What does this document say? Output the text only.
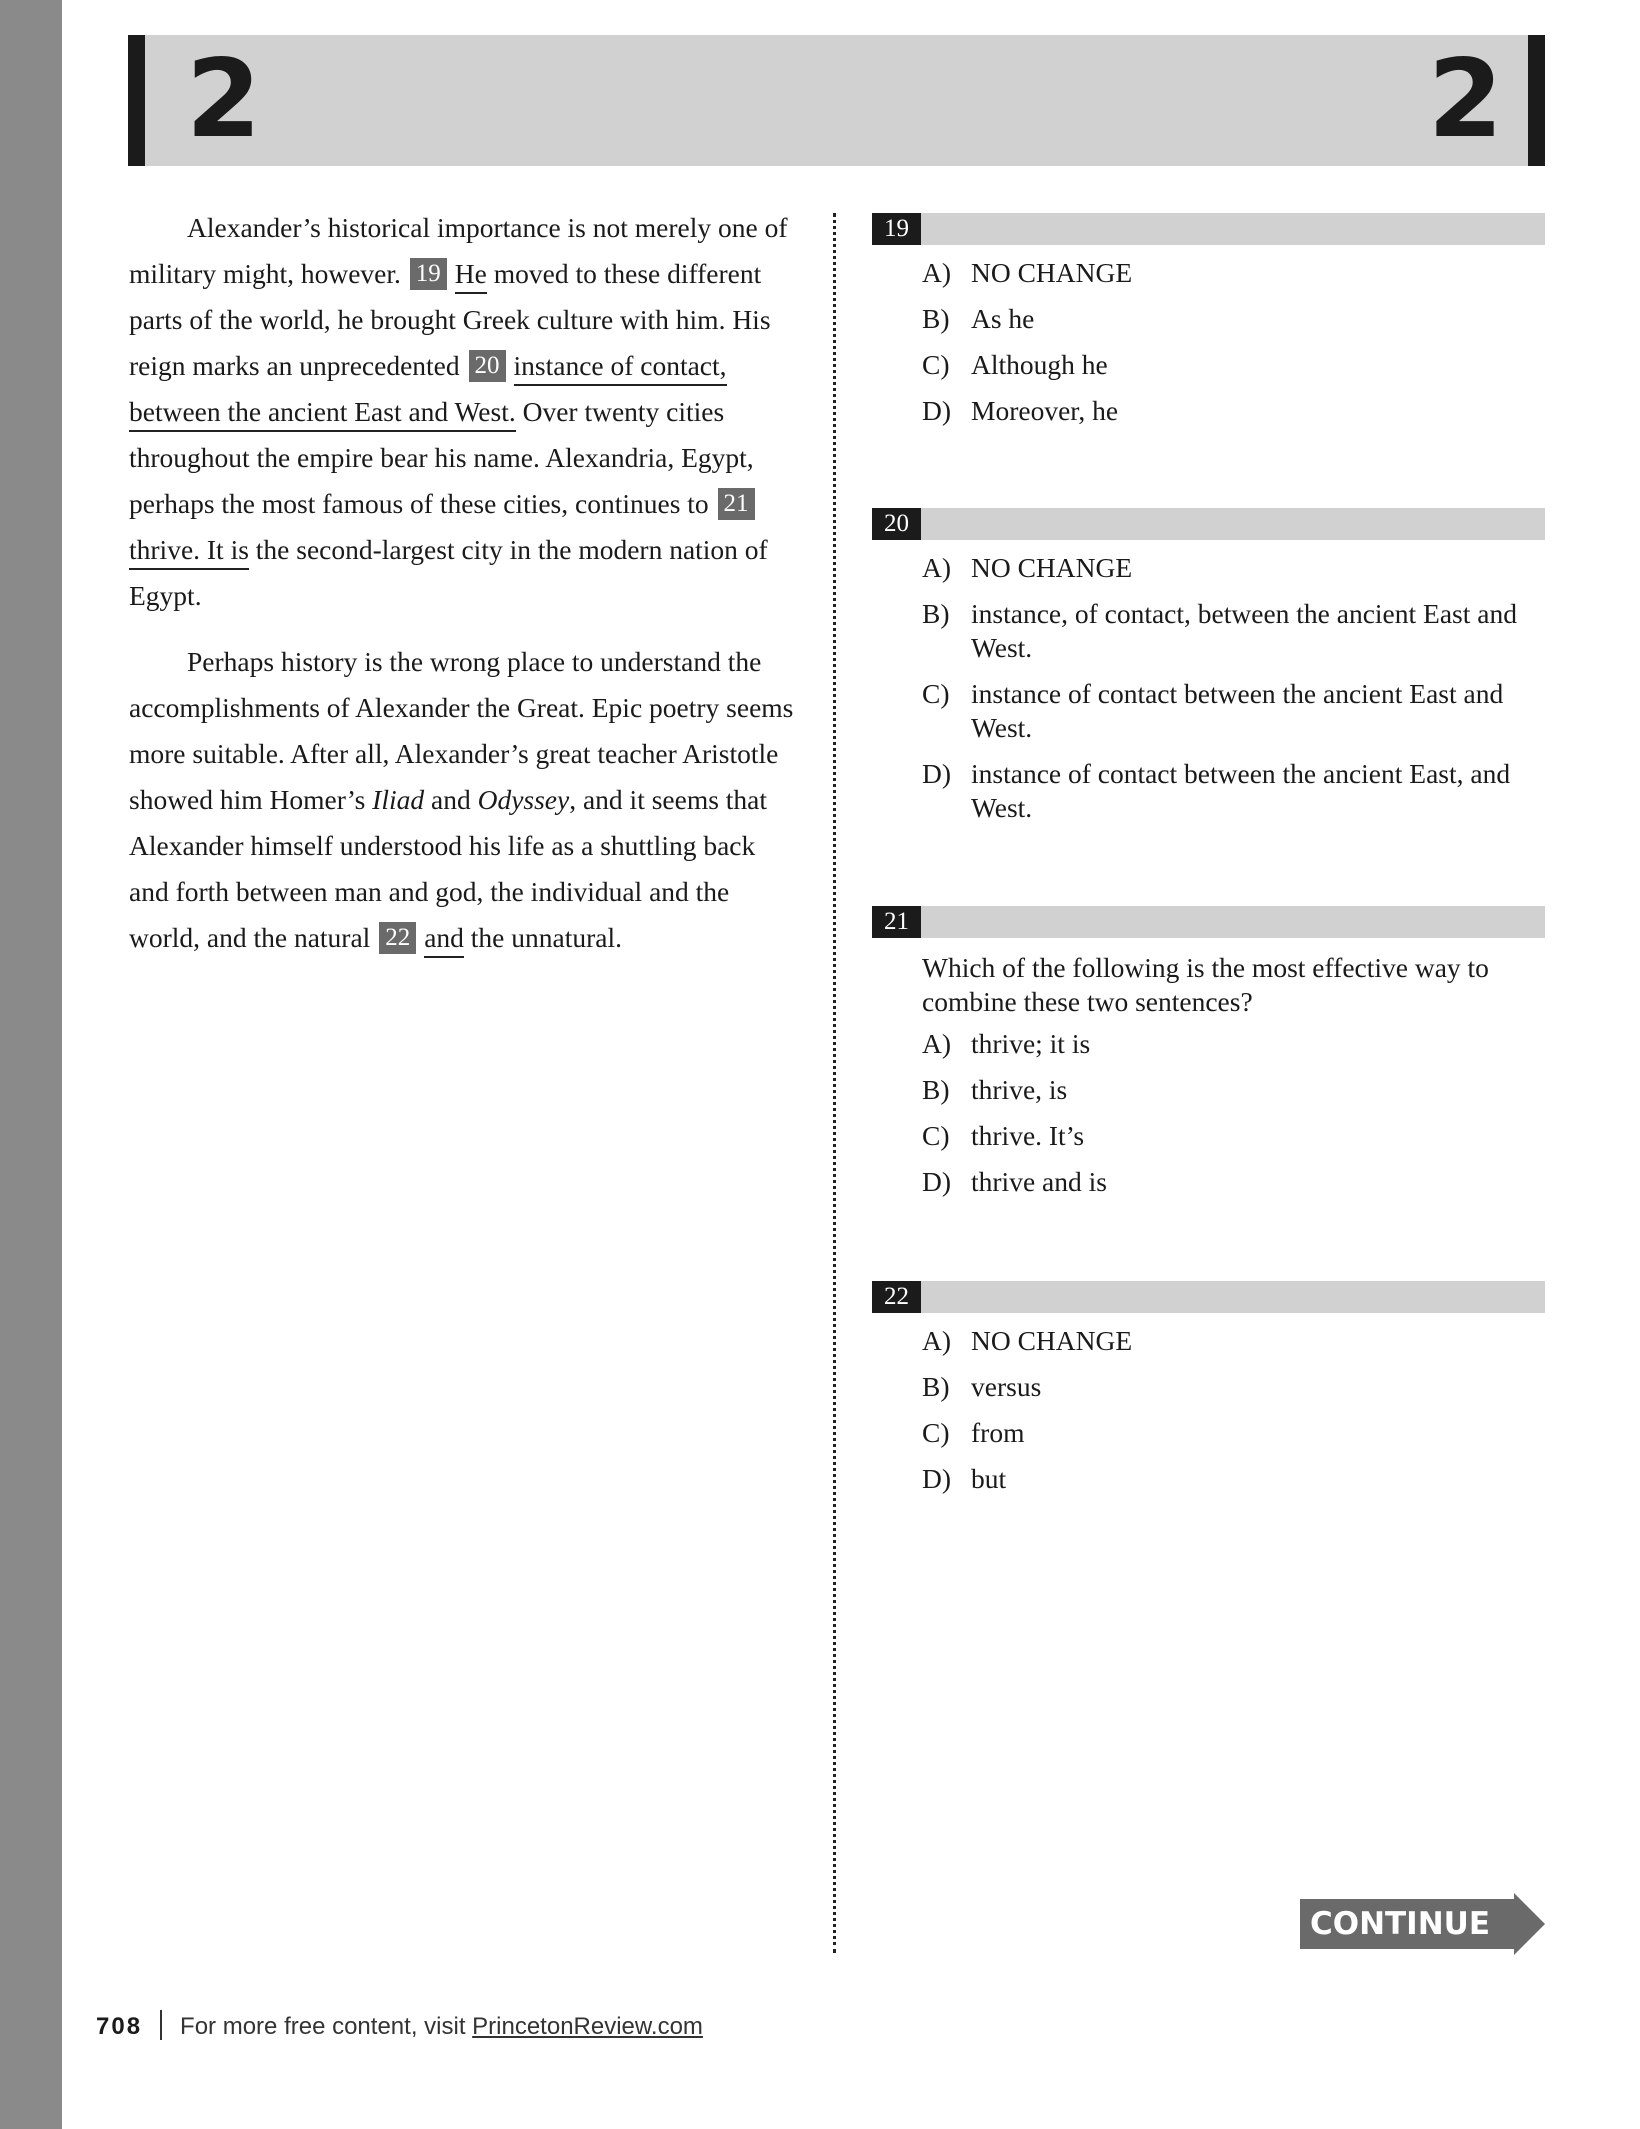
2	2

Alexander’s historical importance is not merely one of military might, however. 19 He moved to these different parts of the world, he brought Greek culture with him. His reign marks an unprecedented 20 instance of contact, between the ancient East and West. Over twenty cities throughout the empire bear his name. Alexandria, Egypt, perhaps the most famous of these cities, continues to 21thrive. It is the second-largest city in the modern nation of Egypt.

Perhaps history is the wrong place to understand the accomplishments of Alexander the Great. Epic poetry seems more suitable. After all, Alexander’s great teacher Aristotle showed him Homer’s Iliad and Odyssey, and it seems that Alexander himself understood his life as a shuttling back and forth between man and god, the individual and the world, and the natural 22 and the unnatural.

19
A) NO CHANGE
B) As he
C) Although he
D) Moreover, he
20
A) NO CHANGE
B) instance, of contact, between the ancient East and West.
C) instance of contact between the ancient East and West.
D) instance of contact between the ancient East, and West.
21
Which of the following is the most effective way to combine these two sentences?
A) thrive; it is
B) thrive, is
C) thrive. It’s
D) thrive and is
22
A) NO CHANGE
B) versus
C) from
D) but
CONTINUE
708 For more free content, visit PrincetonReview.com
